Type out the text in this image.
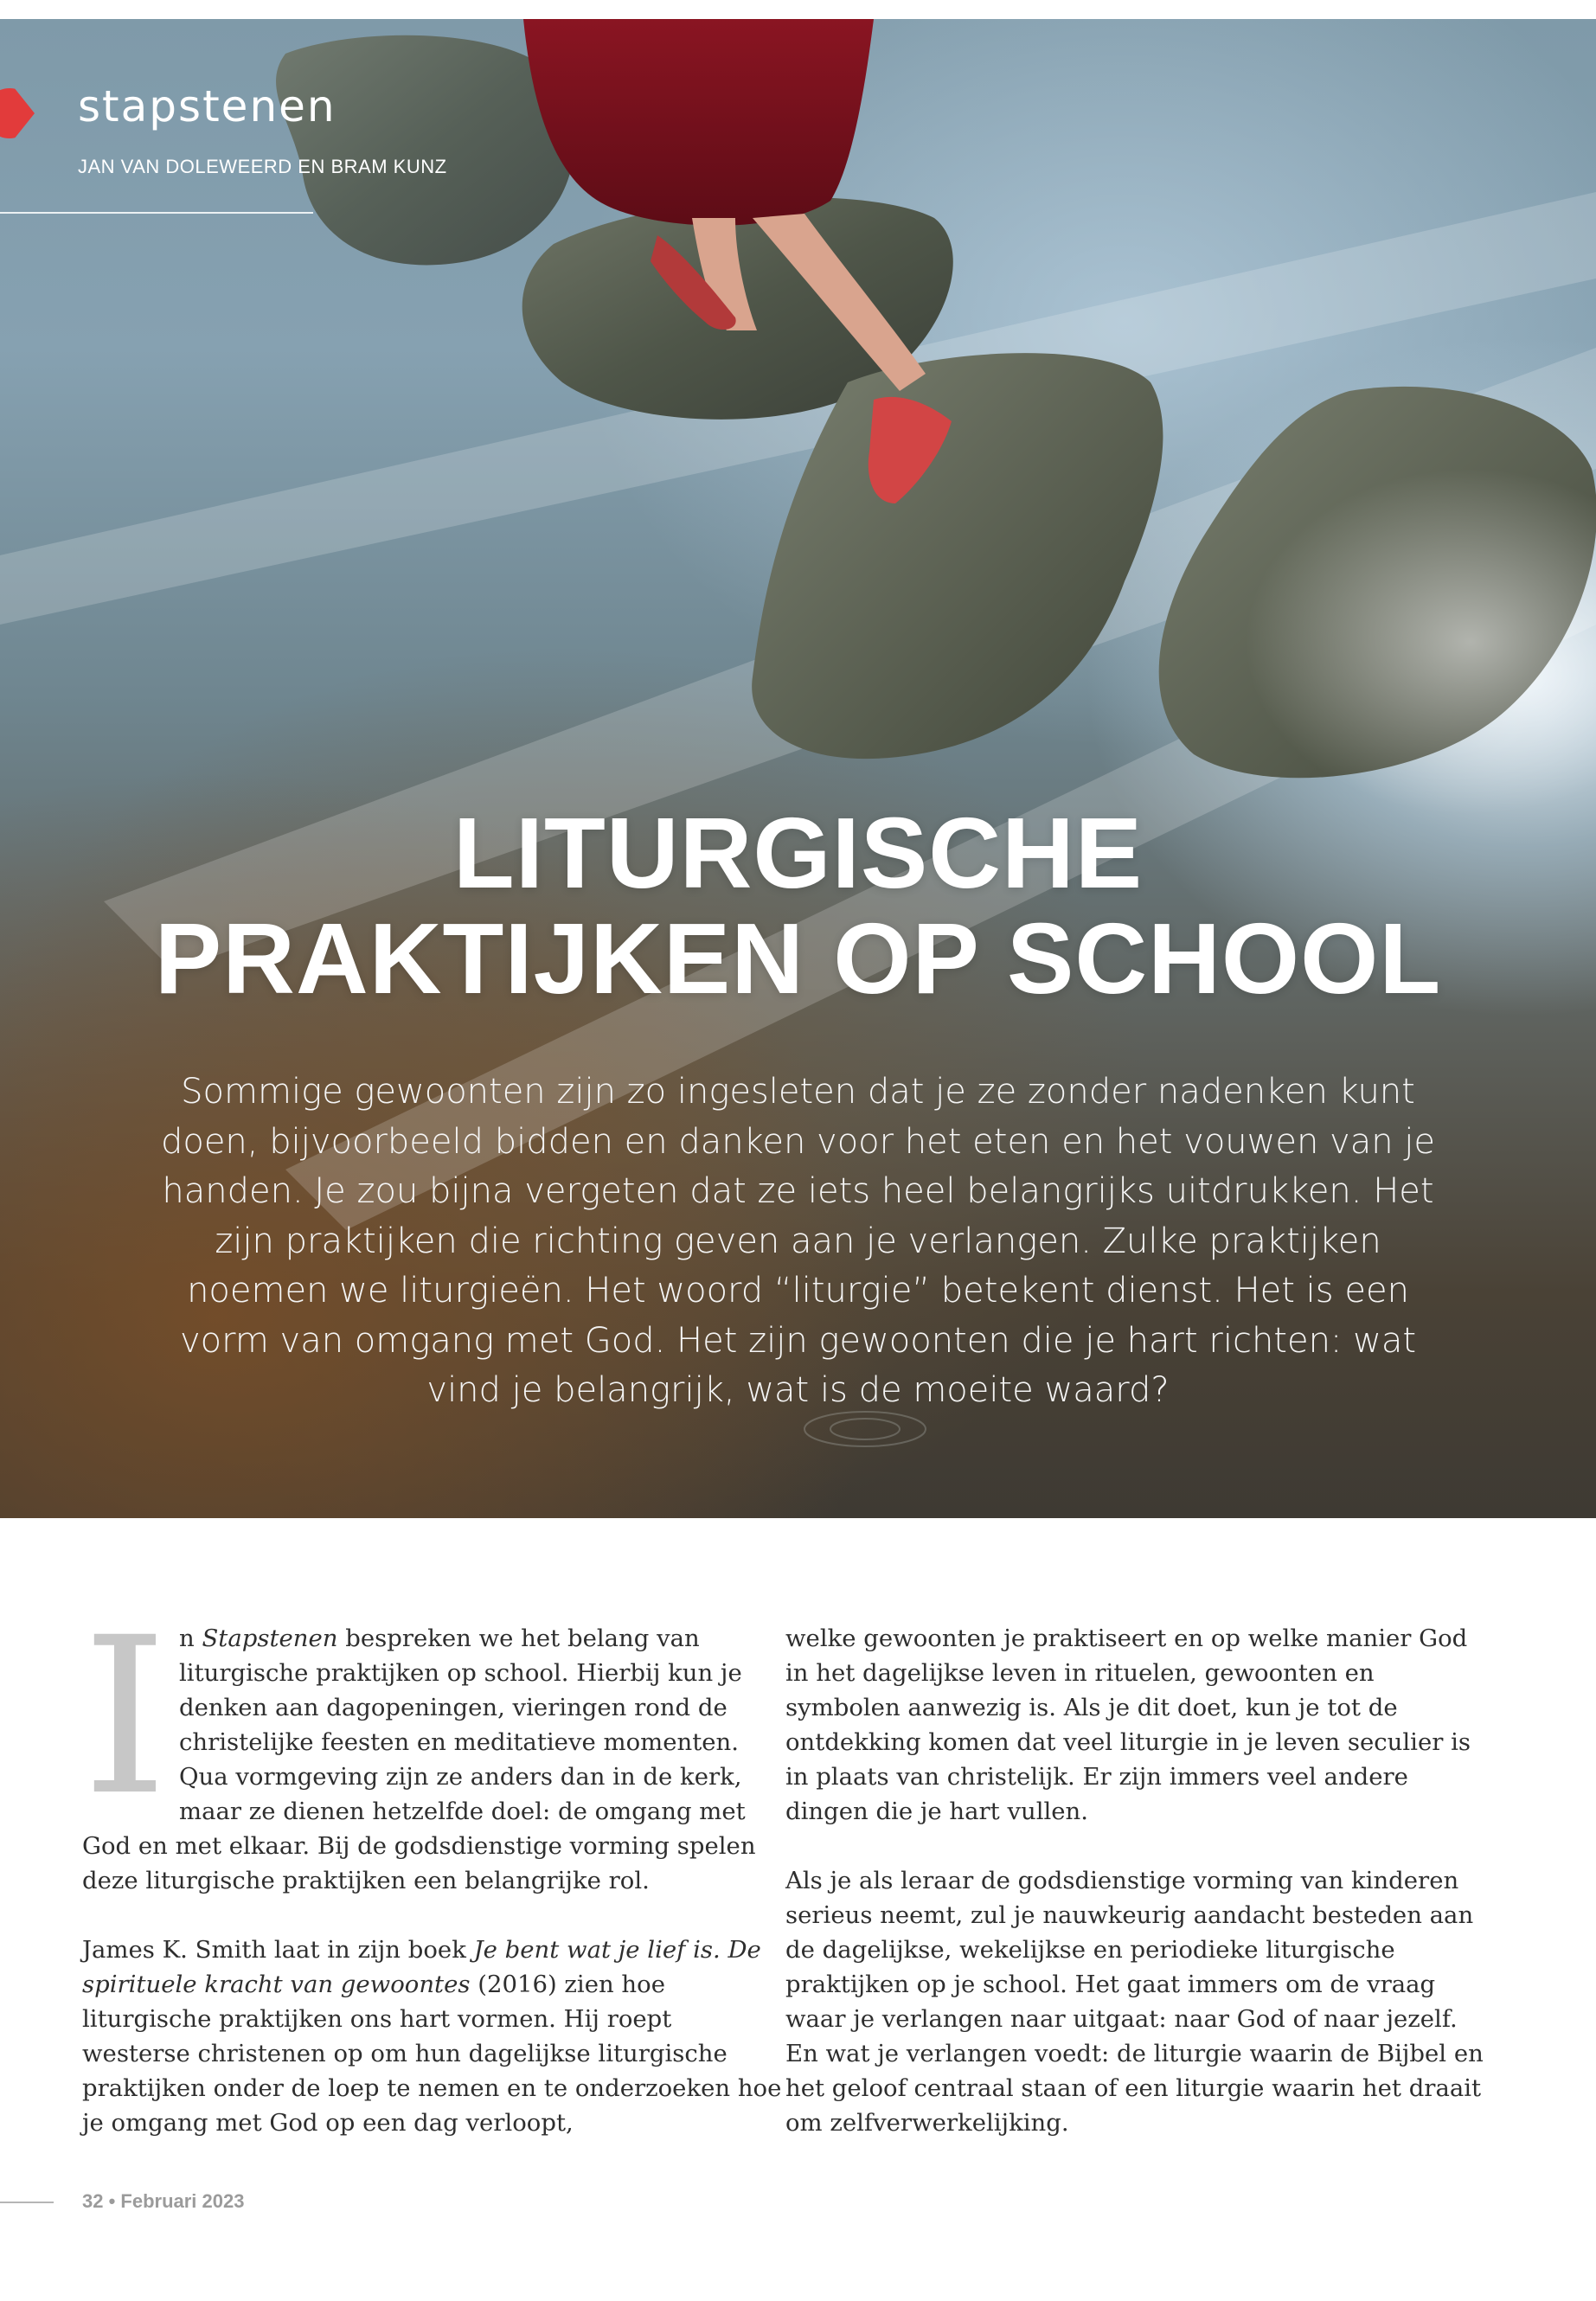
stapstenen
JAN VAN DOLEWEERD EN BRAM KUNZ
LITURGISCHE
PRAKTIJKEN OP SCHOOL

Sommige gewoonten zijn zo ingesleten dat je ze zonder nadenken kunt doen, bijvoorbeeld bidden en danken voor het eten en het vouwen van je handen. Je zou bijna vergeten dat ze iets heel belangrijks uitdrukken. Het zijn praktijken die richting geven aan je verlangen. Zulke praktijken noemen we liturgieën. Het woord “liturgie” betekent dienst. Het is een vorm van omgang met God. Het zijn gewoonten die je hart richten: wat vind je belangrijk, wat is de moeite waard?

In Stapstenen bespreken we het belang van liturgische praktijken op school. Hierbij kun je denken aan dagopeningen, vieringen rond de christelijke feesten en meditatieve momenten. Qua vormgeving zijn ze anders dan in de kerk, maar ze dienen hetzelfde doel: de omgang met God en met elkaar. Bij de godsdienstige vorming spelen deze liturgische praktijken een belangrijke rol.

James K. Smith laat in zijn boek Je bent wat je lief is. De spirituele kracht van gewoontes (2016) zien hoe liturgische praktijken ons hart vormen. Hij roept westerse christenen op om hun dagelijkse liturgische praktijken onder de loep te nemen en te onderzoeken hoe je omgang met God op een dag verloopt,

welke gewoonten je praktiseert en op welke manier God in het dagelijkse leven in rituelen, gewoonten en symbolen aanwezig is. Als je dit doet, kun je tot de ontdekking komen dat veel liturgie in je leven seculier is in plaats van christelijk. Er zijn immers veel andere dingen die je hart vullen.

Als je als leraar de godsdienstige vorming van kinderen serieus neemt, zul je nauwkeurig aandacht besteden aan de dagelijkse, wekelijkse en periodieke liturgische praktijken op je school. Het gaat immers om de vraag waar je verlangen naar uitgaat: naar God of naar jezelf. En wat je verlangen voedt: de liturgie waarin de Bijbel en het geloof centraal staan of een liturgie waarin het draait om zelfverwerkelijking.

32 • Februari 2023
